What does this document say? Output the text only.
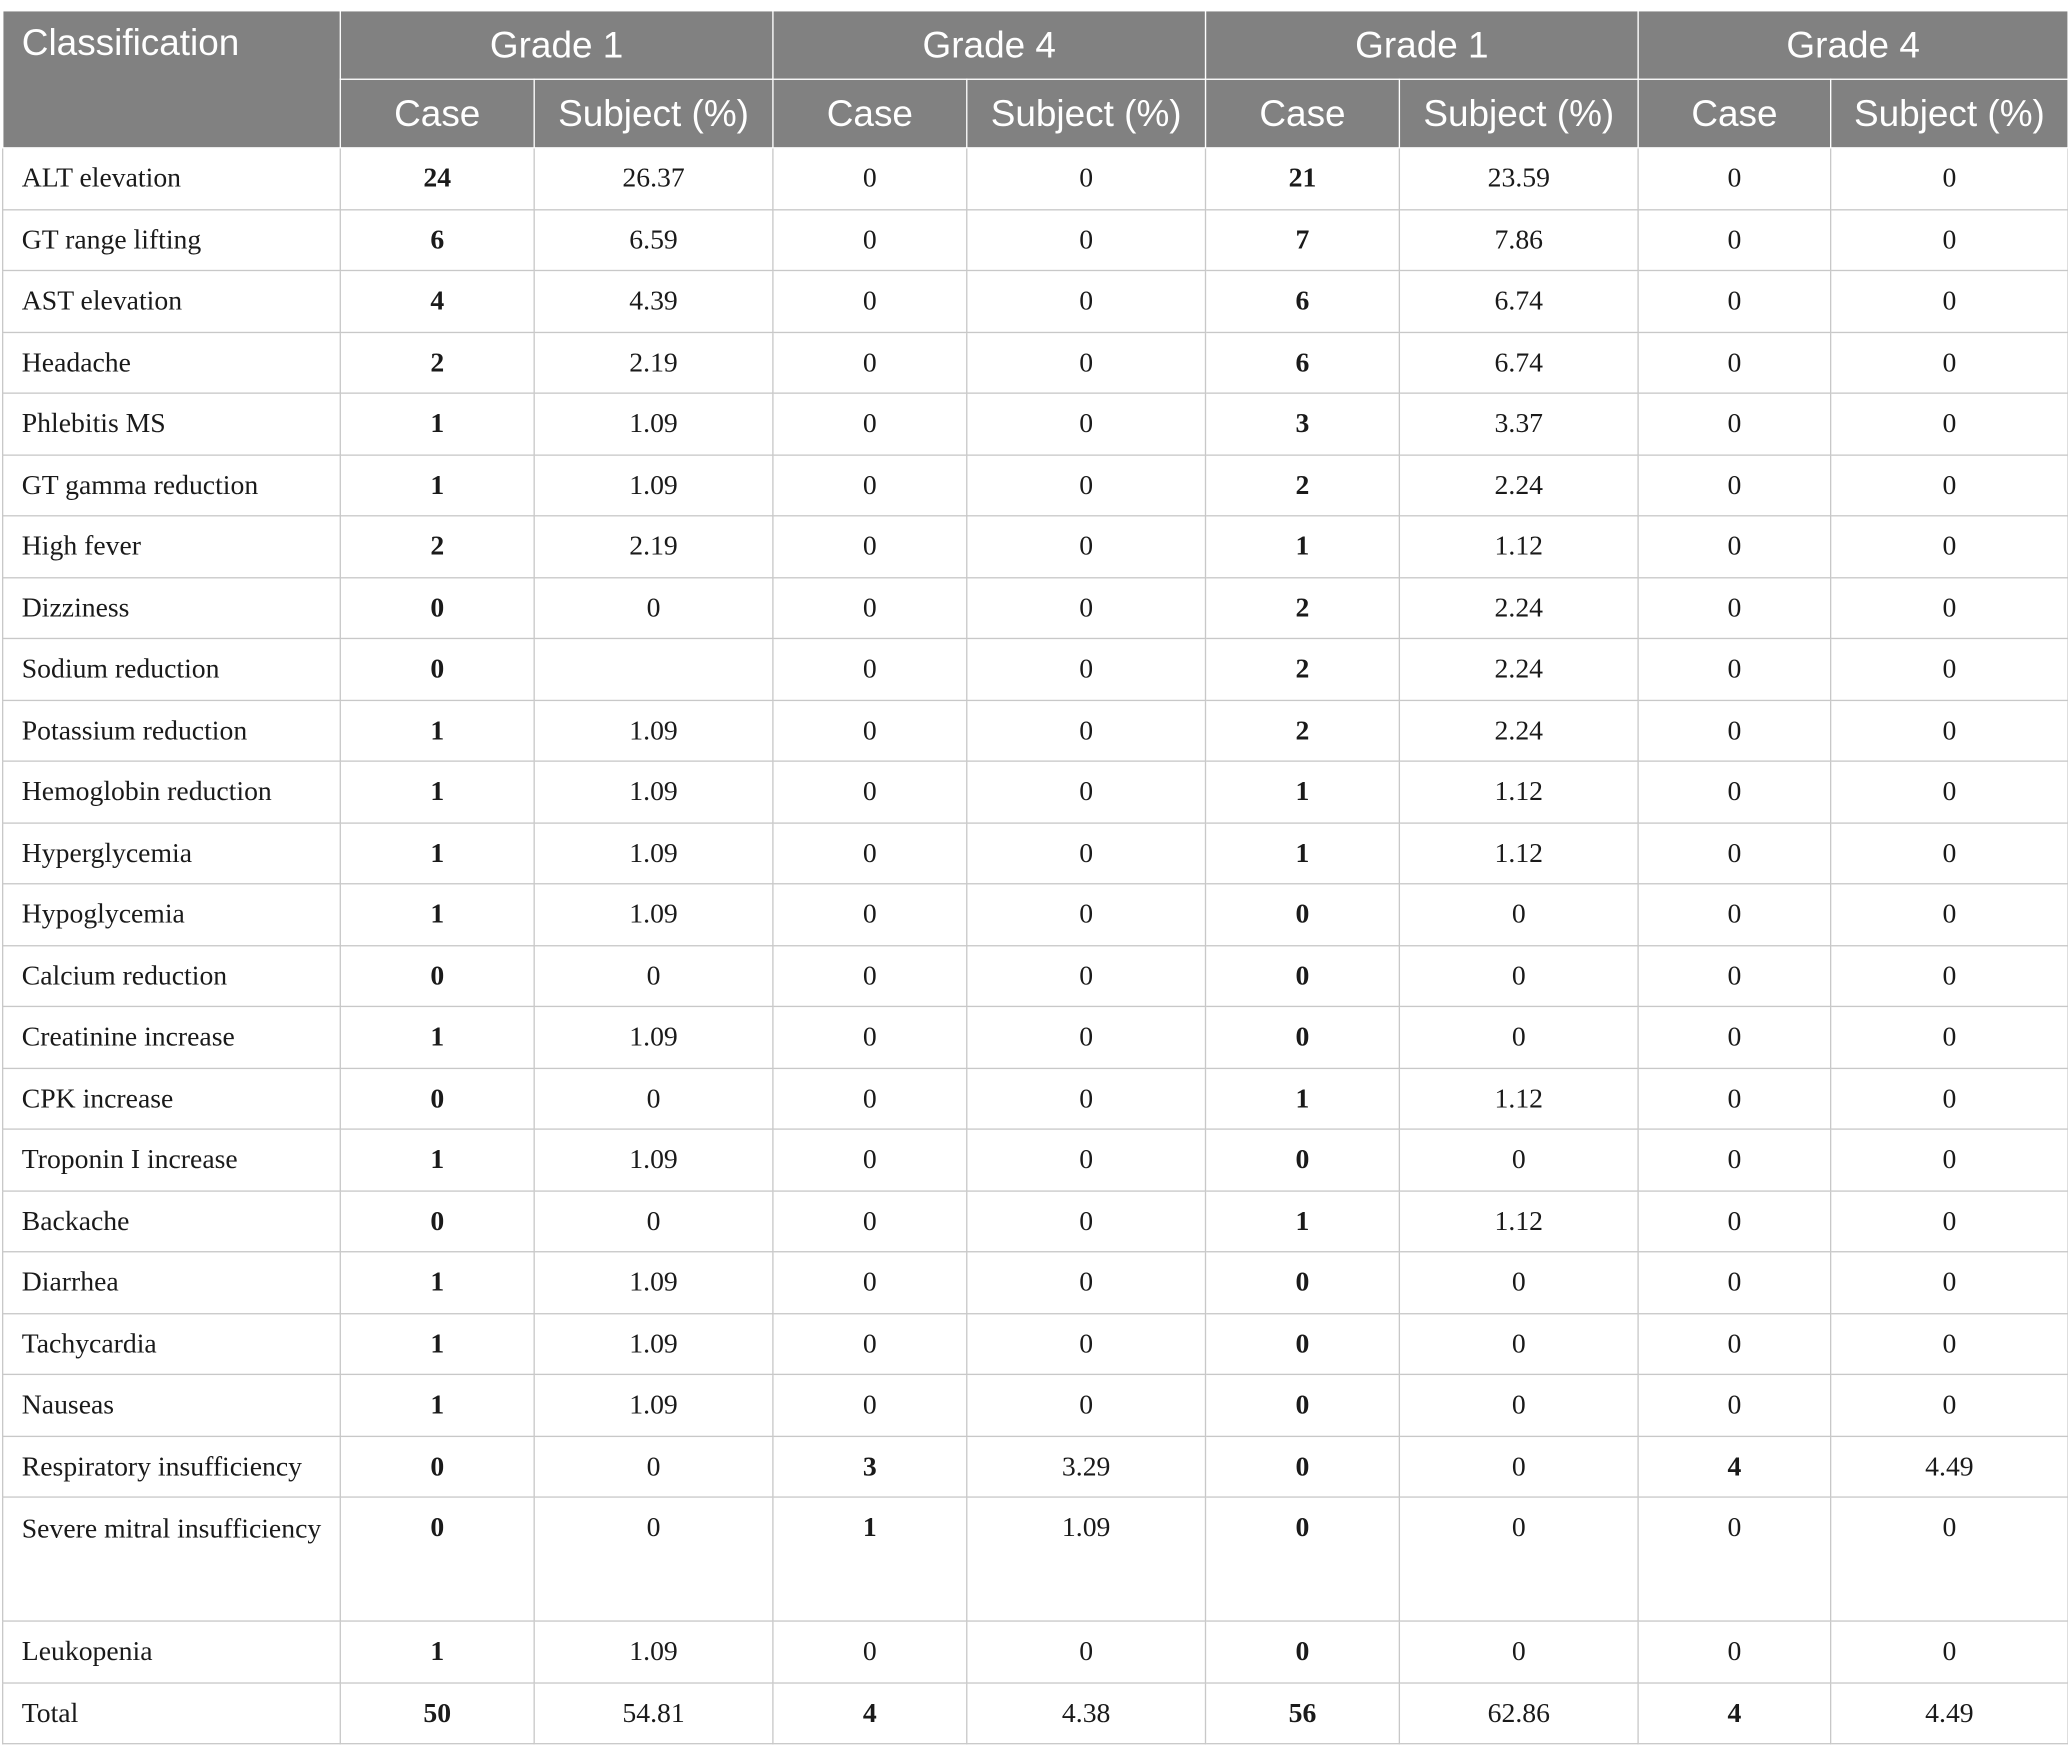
Classification	Grade 1		Grade 4		Grade 1		Grade 4	
	Case	Subject (%)	Case	Subject (%)	Case	Subject (%)	Case	Subject (%)
ALT elevation	24	26.37	0	0	21	23.59	0	0
GT range lifting	6	6.59	0	0	7	7.86	0	0
AST elevation	4	4.39	0	0	6	6.74	0	0
Headache	2	2.19	0	0	6	6.74	0	0
Phlebitis MS	1	1.09	0	0	3	3.37	0	0
GT gamma reduction	1	1.09	0	0	2	2.24	0	0
High fever	2	2.19	0	0	1	1.12	0	0
Dizziness	0	0	0	0	2	2.24	0	0
Sodium reduction	0		0	0	2	2.24	0	0
Potassium reduction	1	1.09	0	0	2	2.24	0	0
Hemoglobin reduction	1	1.09	0	0	1	1.12	0	0
Hyperglycemia	1	1.09	0	0	1	1.12	0	0
Hypoglycemia	1	1.09	0	0	0	0	0	0
Calcium reduction	0	0	0	0	0	0	0	0
Creatinine increase	1	1.09	0	0	0	0	0	0
CPK increase	0	0	0	0	1	1.12	0	0
Troponin I increase	1	1.09	0	0	0	0	0	0
Backache	0	0	0	0	1	1.12	0	0
Diarrhea	1	1.09	0	0	0	0	0	0
Tachycardia	1	1.09	0	0	0	0	0	0
Nauseas	1	1.09	0	0	0	0	0	0
Respiratory insufficiency	0	0	3	3.29	0	0	4	4.49
Severe mitral insufficiency	0	0	1	1.09	0	0	0	0
Leukopenia	1	1.09	0	0	0	0	0	0
Total	50	54.81	4	4.38	56	62.86	4	4.49
